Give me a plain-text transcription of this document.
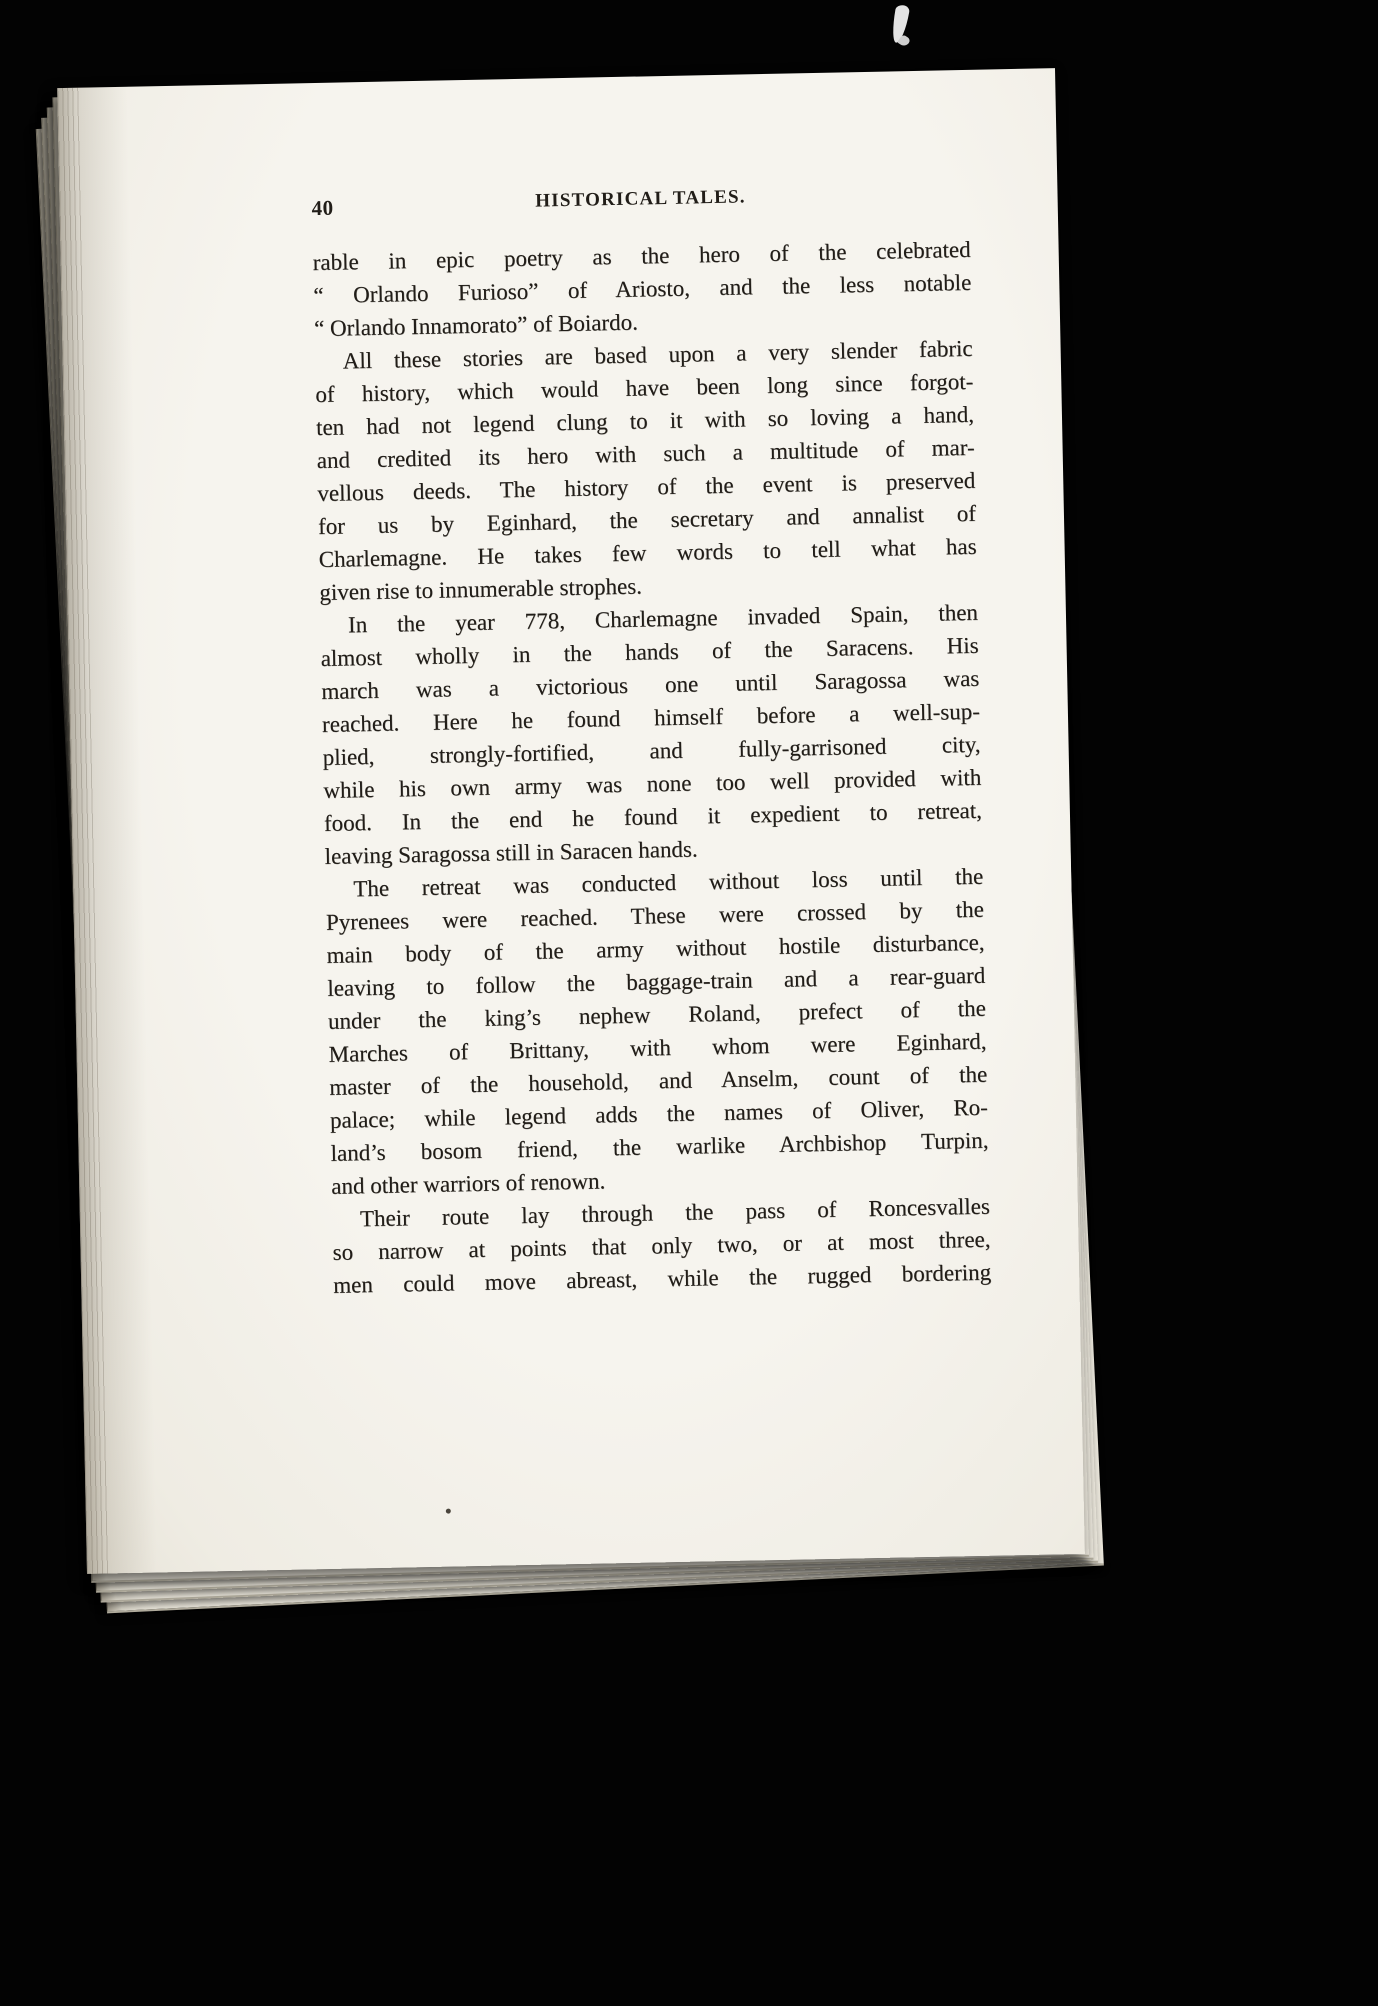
40	HISTORICAL TALES.
rable in epic poetry as the hero of the celebrated
“ Orlando Furioso” of Ariosto, and the less notable
“ Orlando Innamorato” of Boiardo.
All these stories are based upon a very slender fabric
of history, which would have been long since forgot-
ten had not legend clung to it with so loving a hand,
and credited its hero with such a multitude of mar-
vellous deeds. The history of the event is preserved
for us by Eginhard, the secretary and annalist of
Charlemagne. He takes few words to tell what has
given rise to innumerable strophes.
In the year 778, Charlemagne invaded Spain, then
almost wholly in the hands of the Saracens. His
march was a victorious one until Saragossa was
reached. Here he found himself before a well-sup-
plied, strongly-fortified, and fully-garrisoned city,
while his own army was none too well provided with
food. In the end he found it expedient to retreat,
leaving Saragossa still in Saracen hands.
The retreat was conducted without loss until the
Pyrenees were reached. These were crossed by the
main body of the army without hostile disturbance,
leaving to follow the baggage-train and a rear-guard
under the king’s nephew Roland, prefect of the
Marches of Brittany, with whom were Eginhard,
master of the household, and Anselm, count of the
palace; while legend adds the names of Oliver, Ro-
land’s bosom friend, the warlike Archbishop Turpin,
and other warriors of renown.
Their route lay through the pass of Roncesvalles
so narrow at points that only two, or at most three,
men could move abreast, while the rugged bordering
